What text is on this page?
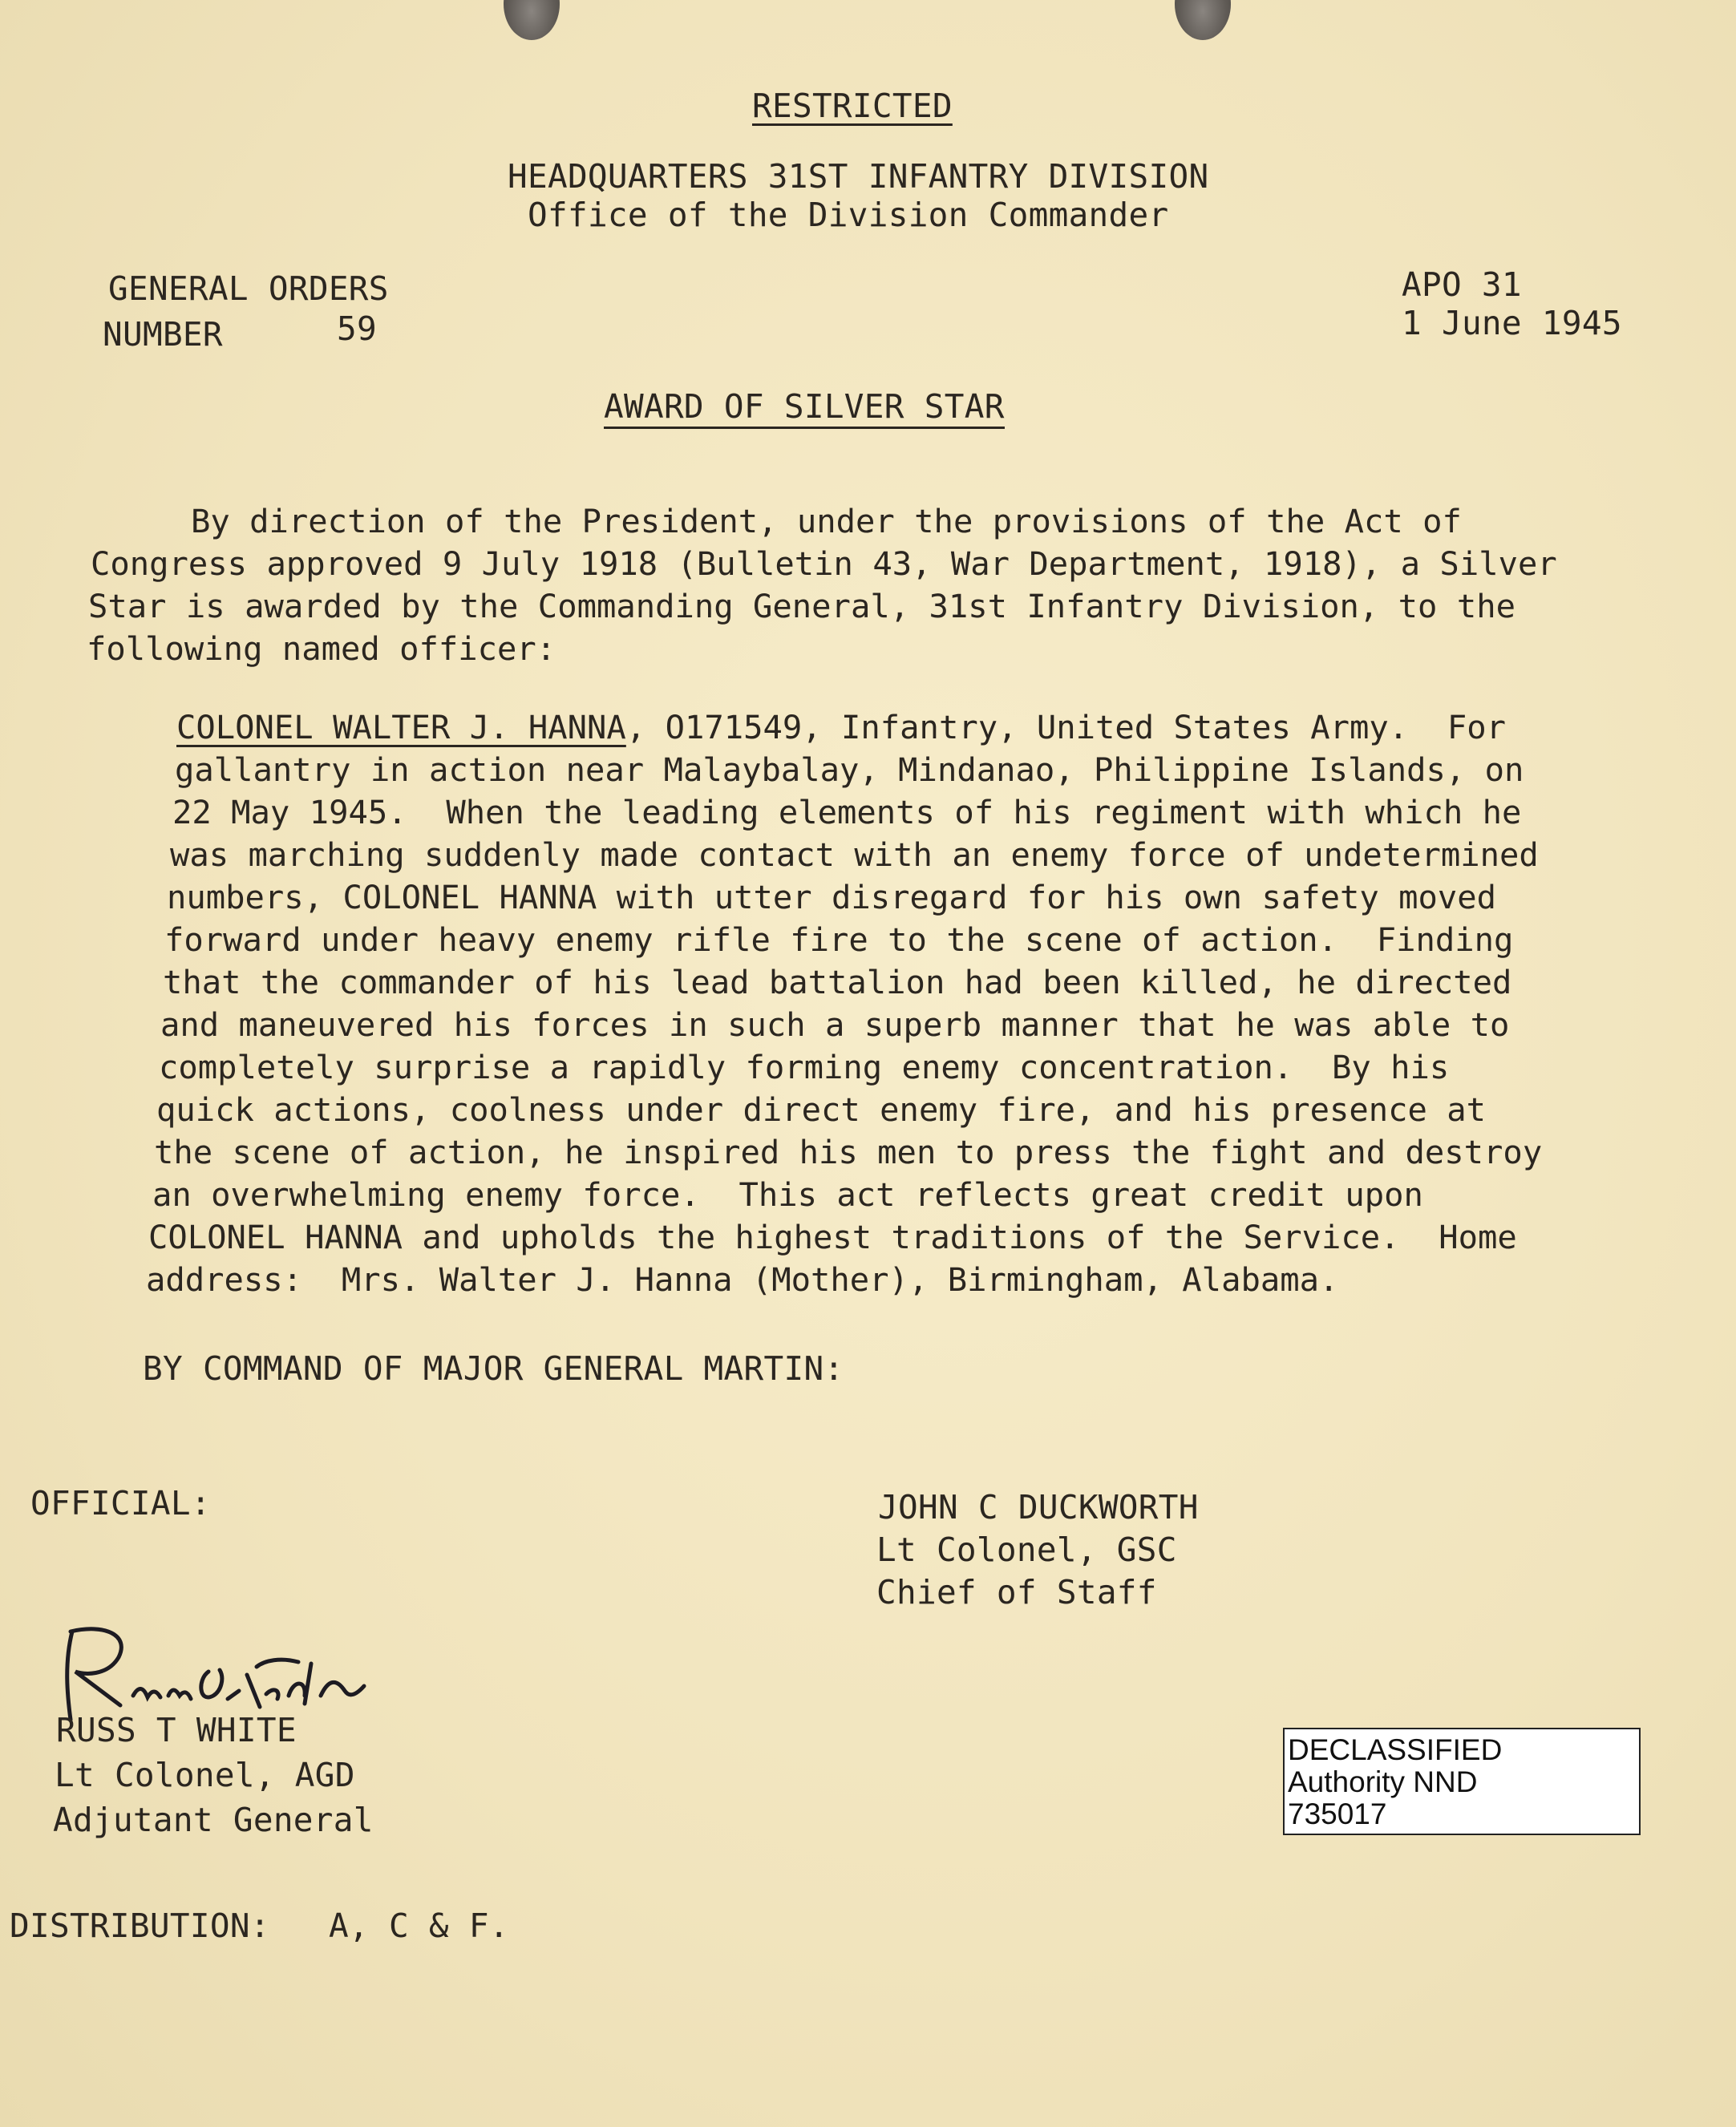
RESTRICTED
HEADQUARTERS 31ST INFANTRY DIVISION
Office of the Division Commander
GENERAL ORDERS
NUMBER	59
APO 31
1 June 1945
AWARD OF SILVER STAR
By direction of the President, under the provisions of the Act of
Congress approved 9 July 1918 (Bulletin 43, War Department, 1918), a Silver
Star is awarded by the Commanding General, 31st Infantry Division, to the
following named officer:
COLONEL WALTER J. HANNA, O171549, Infantry, United States Army.  For
gallantry in action near Malaybalay, Mindanao, Philippine Islands, on
22 May 1945.  When the leading elements of his regiment with which he
was marching suddenly made contact with an enemy force of undetermined
numbers, COLONEL HANNA with utter disregard for his own safety moved
forward under heavy enemy rifle fire to the scene of action.  Finding
that the commander of his lead battalion had been killed, he directed
and maneuvered his forces in such a superb manner that he was able to
completely surprise a rapidly forming enemy concentration.  By his
quick actions, coolness under direct enemy fire, and his presence at
the scene of action, he inspired his men to press the fight and destroy
an overwhelming enemy force.  This act reflects great credit upon
COLONEL HANNA and upholds the highest traditions of the Service.  Home
address:  Mrs. Walter J. Hanna (Mother), Birmingham, Alabama.
BY COMMAND OF MAJOR GENERAL MARTIN:
OFFICIAL:	JOHN C DUCKWORTH
Lt Colonel, GSC
Chief of Staff
RUSS T WHITE
Lt Colonel, AGD
Adjutant General
DISTRIBUTION: A, C & F.
DECLASSIFIED
Authority NND
735017
